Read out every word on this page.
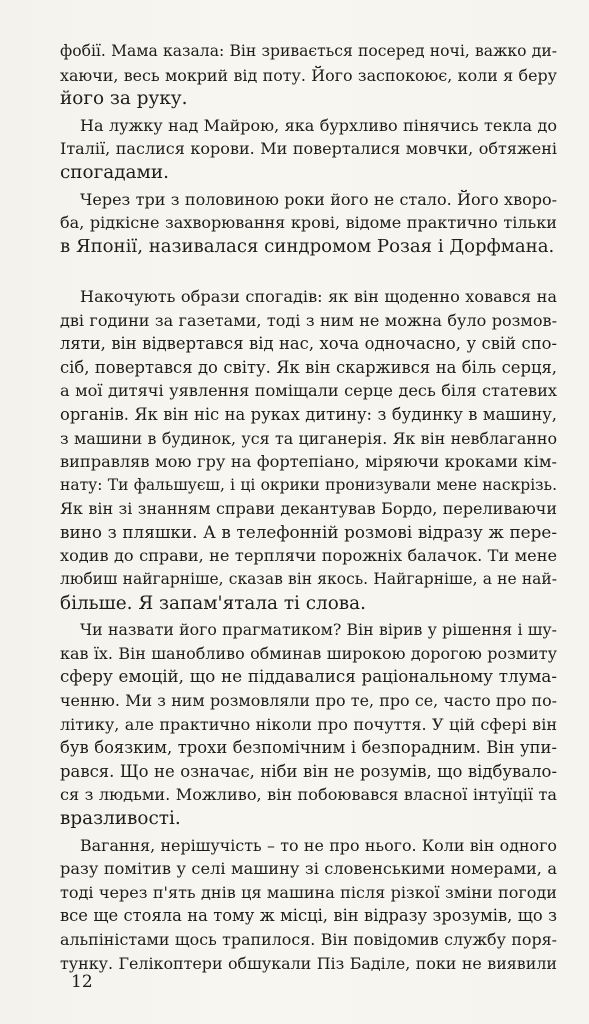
фобії. Мама казала: Він зривається посеред ночі, важко ди-
хаючи, весь мокрий від поту. Його заспокоює, коли я беру
його за руку.
На лужку над Майрою, яка бурхливо пінячись текла до
Італії, паслися корови. Ми поверталися мовчки, обтяжені
спогадами.
Через три з половиною роки його не стало. Його хворо-
ба, рідкісне захворювання крові, відоме практично тільки
в Японії, називалася синдромом Розая і Дорфмана.
Накочують образи спогадів: як він щоденно ховався на
дві години за газетами, тоді з ним не можна було розмов-
ляти, він відвертався від нас, хоча одночасно, у свій спо-
сіб, повертався до світу. Як він скаржився на біль серця,
а мої дитячі уявлення поміщали серце десь біля статевих
органів. Як він ніс на руках дитину: з будинку в машину,
з машини в будинок, уся та циганерія. Як він невблаганно
виправляв мою гру на фортепіано, міряючи кроками кім-
нату: Ти фальшуєш, і ці окрики пронизували мене наскрізь.
Як він зі знанням справи декантував Бордо, переливаючи
вино з пляшки. А в телефонній розмові відразу ж пере-
ходив до справи, не терплячи порожніх балачок. Ти мене
любиш найгарніше, сказав він якось. Найгарніше, а не най-
більше. Я запам'ятала ті слова.
Чи назвати його прагматиком? Він вірив у рішення і шу-
кав їх. Він шанобливо обминав широкою дорогою розмиту
сферу емоцій, що не піддавалися раціональному тлума-
ченню. Ми з ним розмовляли про те, про се, часто про по-
літику, але практично ніколи про почуття. У цій сфері він
був боязким, трохи безпомічним і безпорадним. Він упи-
рався. Що не означає, ніби він не розумів, що відбувало-
ся з людьми. Можливо, він побоювався власної інтуїції та
вразливості.
Вагання, нерішучість – то не про нього. Коли він одного
разу помітив у селі машину зі словенськими номерами, а
тоді через п'ять днів ця машина після різкої зміни погоди
все ще стояла на тому ж місці, він відразу зрозумів, що з
альпіністами щось трапилося. Він повідомив службу поря-
тунку. Гелікоптери обшукали Піз Баділе, поки не виявили
12
